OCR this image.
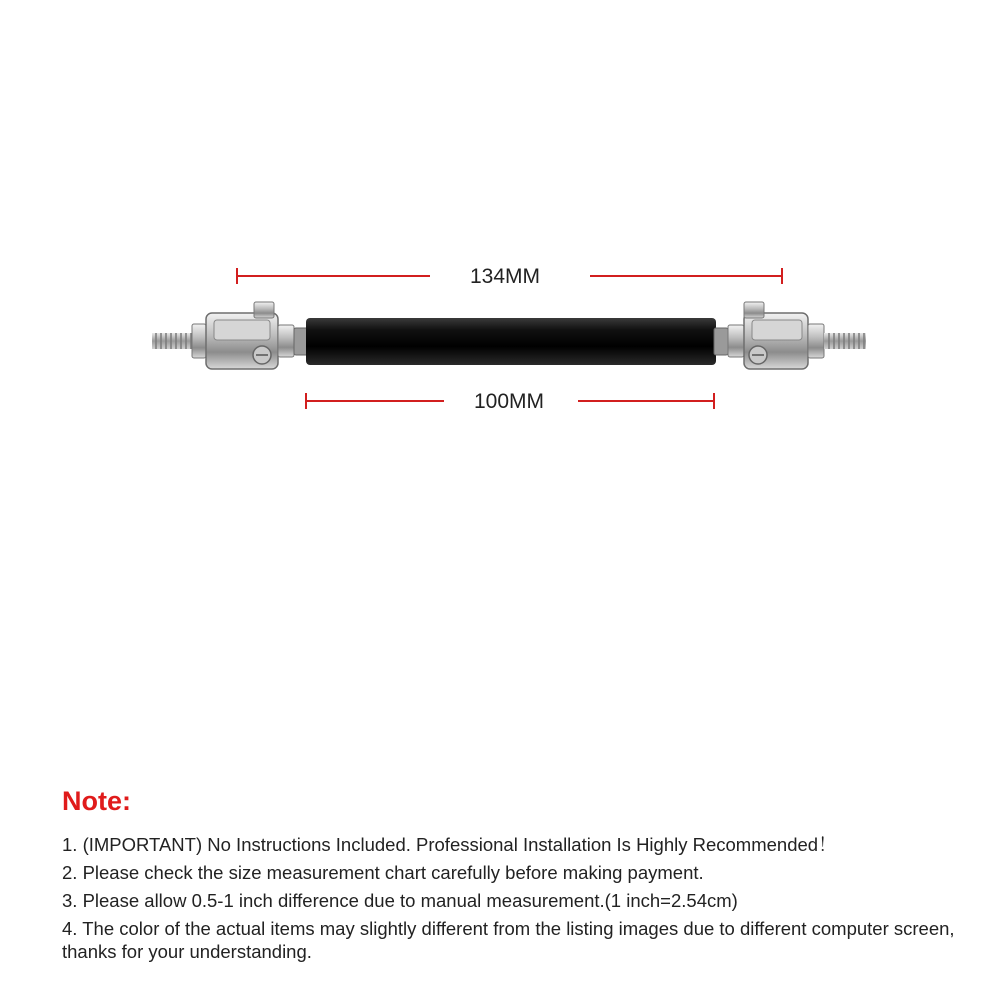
134MM
100MM
Note:
1. (IMPORTANT) No Instructions Included. Professional Installation Is Highly Recommended！
2. Please check the size measurement chart carefully before making payment.
3. Please allow 0.5-1 inch difference due to manual measurement.(1 inch=2.54cm)
4. The color of the actual items may slightly different from the listing images due to different computer screen, thanks for your understanding.
